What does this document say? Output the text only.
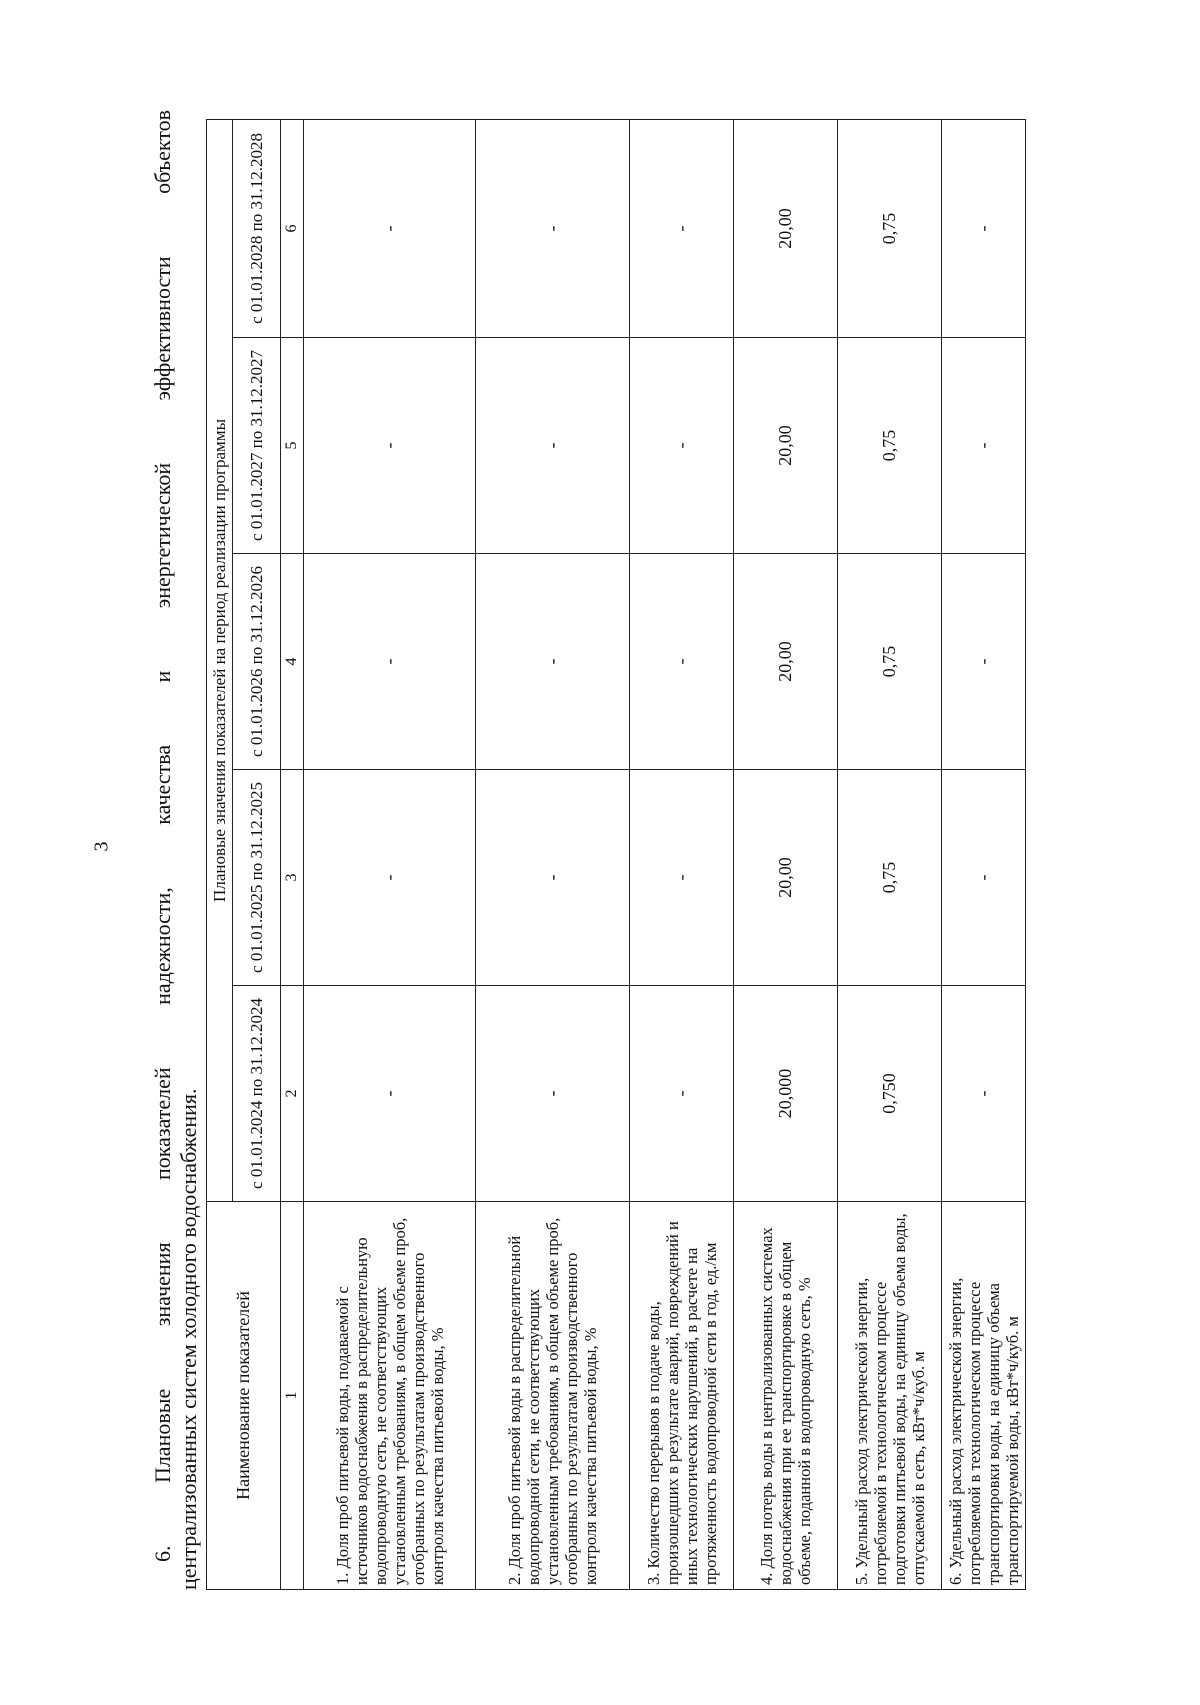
3 6. Плановые значения показателей надежности, качества и энергетической эффективности объектов централизованных систем холодного водоснабжения. Наименование показателей	Плановые значения показателей на период реализации программы				
	с 01.01.2024 по 31.12.2024	с 01.01.2025 по 31.12.2025	с 01.01.2026 по 31.12.2026	с 01.01.2027 по 31.12.2027	с 01.01.2028 по 31.12.2028
1	2	3	4	5	6
1. Доля проб питьевой воды, подаваемой с источников водоснабжения в распределительную водопроводную сеть, не соответствующих установленным требованиям, в общем объеме проб, отобранных по результатам производственного контроля качества питьевой воды, %	-	-	-	-	-
2. Доля проб питьевой воды в распределительной водопроводной сети, не соответствующих установленным требованиям, в общем объеме проб, отобранных по результатам производственного контроля качества питьевой воды, %	-	-	-	-	-
3. Количество перерывов в подаче воды, произошедших в результате аварий, повреждений и иных технологических нарушений, в расчете на протяженность водопроводной сети в год, ед./км	-	-	-	-	-
4. Доля потерь воды в централизованных системах водоснабжения при ее транспортировке в общем объеме, поданной в водопроводную сеть, %	20,000	20,00	20,00	20,00	20,00
5. Удельный расход электрической энергии, потребляемой в технологическом процессе подготовки питьевой воды, на единицу объема воды, отпускаемой в сеть, кВт*ч/куб. м	0,750	0,75	0,75	0,75	0,75
6. Удельный расход электрической энергии, потребляемой в технологическом процессе транспортировки воды, на единицу объема транспортируемой воды, кВт*ч/куб. м	-	-	-	-	-
